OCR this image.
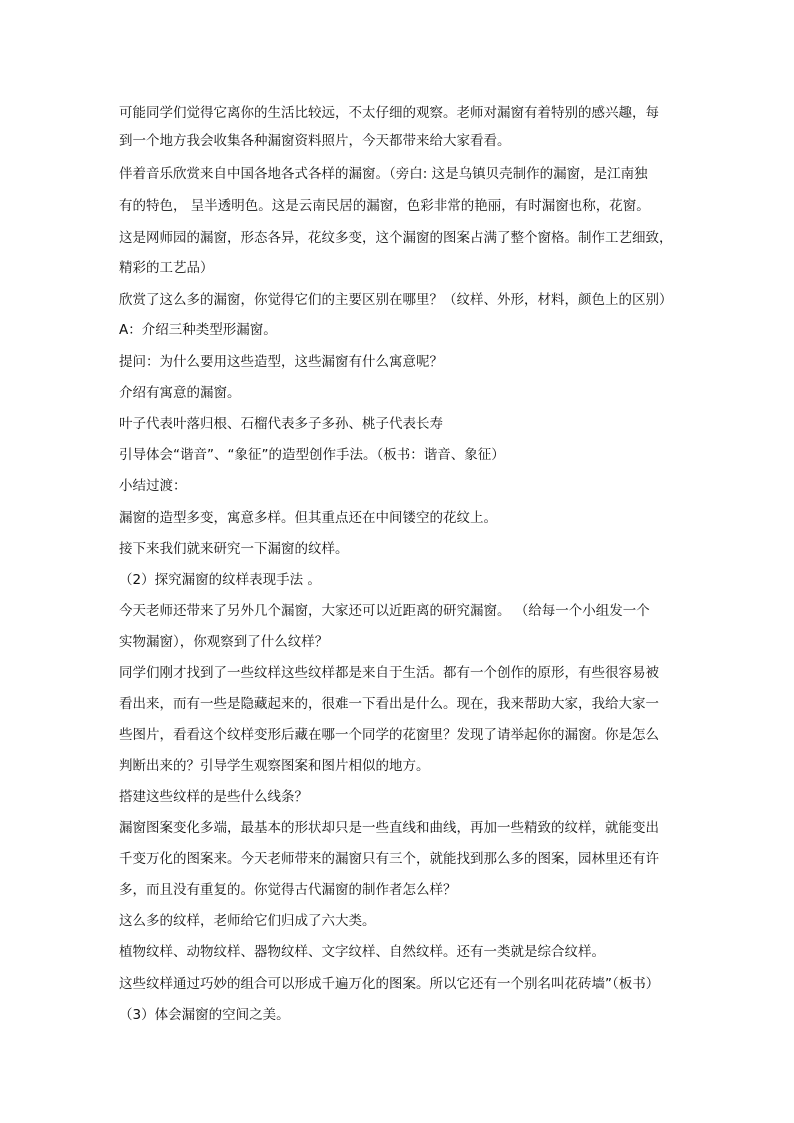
可能同学们觉得它离你的生活比较远，不太仔细的观察。老师对漏窗有着特别的感兴趣，每
到一个地方我会收集各种漏窗资料照片，今天都带来给大家看看。
伴着音乐欣赏来自中国各地各式各样的漏窗。（旁白: 这是乌镇贝壳制作的漏窗，是江南独
有的特色， 呈半透明色。这是云南民居的漏窗，色彩非常的艳丽，有时漏窗也称，花窗。
这是网师园的漏窗，形态各异，花纹多变，这个漏窗的图案占满了整个窗格。制作工艺细致，
精彩的工艺品）
欣赏了这么多的漏窗，你觉得它们的主要区别在哪里？（纹样、外形，材料，颜色上的区别）
A：介绍三种类型形漏窗。
提问：为什么要用这些造型，这些漏窗有什么寓意呢？
介绍有寓意的漏窗。
叶子代表叶落归根、石榴代表多子多孙、桃子代表长寿
引导体会“谐音”、“象征”的造型创作手法。（板书：谐音、象征）
小结过渡：
漏窗的造型多变，寓意多样。但其重点还在中间镂空的花纹上。
接下来我们就来研究一下漏窗的纹样。
（2）探究漏窗的纹样表现手法 。
今天老师还带来了另外几个漏窗，大家还可以近距离的研究漏窗。 （给每一个小组发一个
实物漏窗），你观察到了什么纹样？
同学们刚才找到了一些纹样这些纹样都是来自于生活。都有一个创作的原形，有些很容易被
看出来，而有一些是隐藏起来的，很难一下看出是什么。现在，我来帮助大家，我给大家一
些图片，看看这个纹样变形后藏在哪一个同学的花窗里？发现了请举起你的漏窗。你是怎么
判断出来的？引导学生观察图案和图片相似的地方。
搭建这些纹样的是些什么线条？
漏窗图案变化多端，最基本的形状却只是一些直线和曲线，再加一些精致的纹样，就能变出
千变万化的图案来。今天老师带来的漏窗只有三个，就能找到那么多的图案，园林里还有许
多，而且没有重复的。你觉得古代漏窗的制作者怎么样？
这么多的纹样，老师给它们归成了六大类。
植物纹样、动物纹样、器物纹样、文字纹样、自然纹样。还有一类就是综合纹样。
这些纹样通过巧妙的组合可以形成千遍万化的图案。所以它还有一个别名叫花砖墙”（板书）
（3）体会漏窗的空间之美。
